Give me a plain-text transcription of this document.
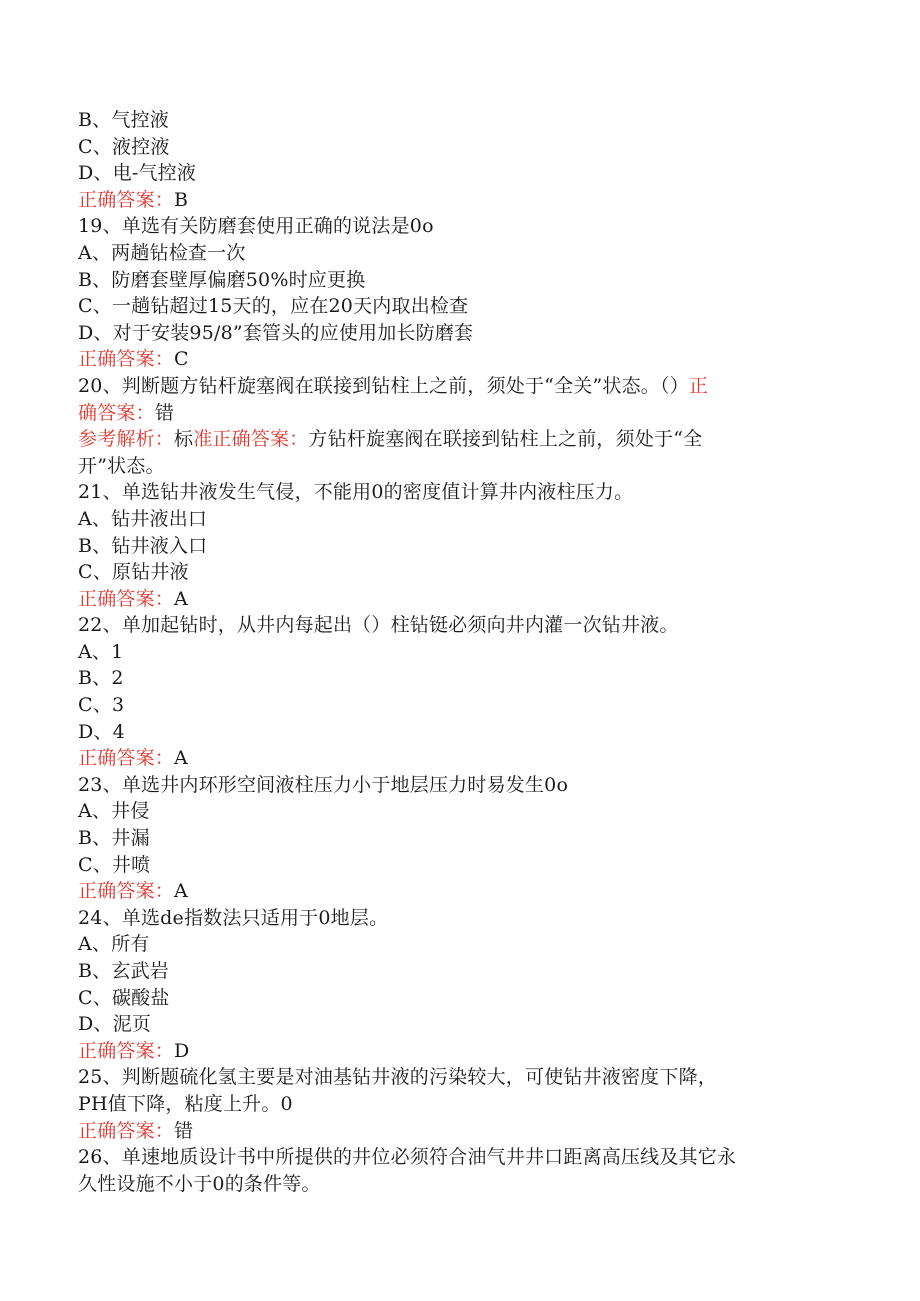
B、气控液
C、液控液
D、电-气控液
正确答案：B
19、单选有关防磨套使用正确的说法是0o
A、两趟钻检查一次
B、防磨套壁厚偏磨50%时应更换
C、一趟钻超过15天的，应在20天内取出检查
D、对于安装95/8”套管头的应使用加长防磨套
正确答案：C
20、判断题方钻杆旋塞阀在联接到钻柱上之前，须处于“全关”状态。（）正
确答案：错
参考解析：标准正确答案：方钻杆旋塞阀在联接到钻柱上之前，须处于“全
开”状态。
21、单选钻井液发生气侵，不能用0的密度值计算井内液柱压力。
A、钻井液出口
B、钻井液入口
C、原钻井液
正确答案：A
22、单加起钻时，从井内每起出（）柱钻铤必须向井内灌一次钻井液。
A、1
B、2
C、3
D、4
正确答案：A
23、单选井内环形空间液柱压力小于地层压力时易发生0o
A、井侵
B、井漏
C、井喷
正确答案：A
24、单选de指数法只适用于0地层。
A、所有
B、玄武岩
C、碳酸盐
D、泥页
正确答案：D
25、判断题硫化氢主要是对油基钻井液的污染较大，可使钻井液密度下降，
PH值下降，粘度上升。0
正确答案：错
26、单速地质设计书中所提供的井位必须符合油气井井口距离高压线及其它永
久性设施不小于0的条件等。
